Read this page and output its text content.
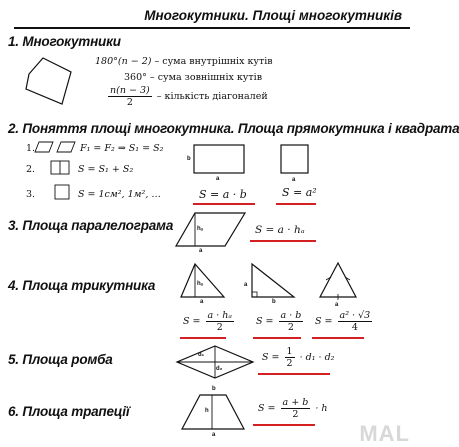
Многокутники. Площі многокутників
1. Многокутники
180°(n − 2) – сума внутрішніх кутів
360° – сума зовнішніх кутів
$\frac{n(n - 3)}{2}$ – кількість діагоналей
2. Поняття площі многокутника. Площа прямокутника і квадрата
1.	F₁ = F₂ ⇒ S₁ = S₂
2.	S = S₁ + S₂
3.	S = 1см², 1м², …
b
a	a
S = a · b	S = a²
3. Площа паралелограма	hₐ
a
S = a · hₐ
4. Площа трикутника	hₐ
a
a
b	a
$S = \frac{\text{a · hₐ}}{2}$ $S = \frac{a \cdot b}{2}$ $S = \frac{\text{a² · √3}}{4}$
5. Площа ромба	d₁
d₂
$S = \frac{1}{2} \cdot d_1 \cdot d_2$
6. Площа трапеції
b
h
a
$S = \frac{a + b}{2} \cdot h$
MAL
